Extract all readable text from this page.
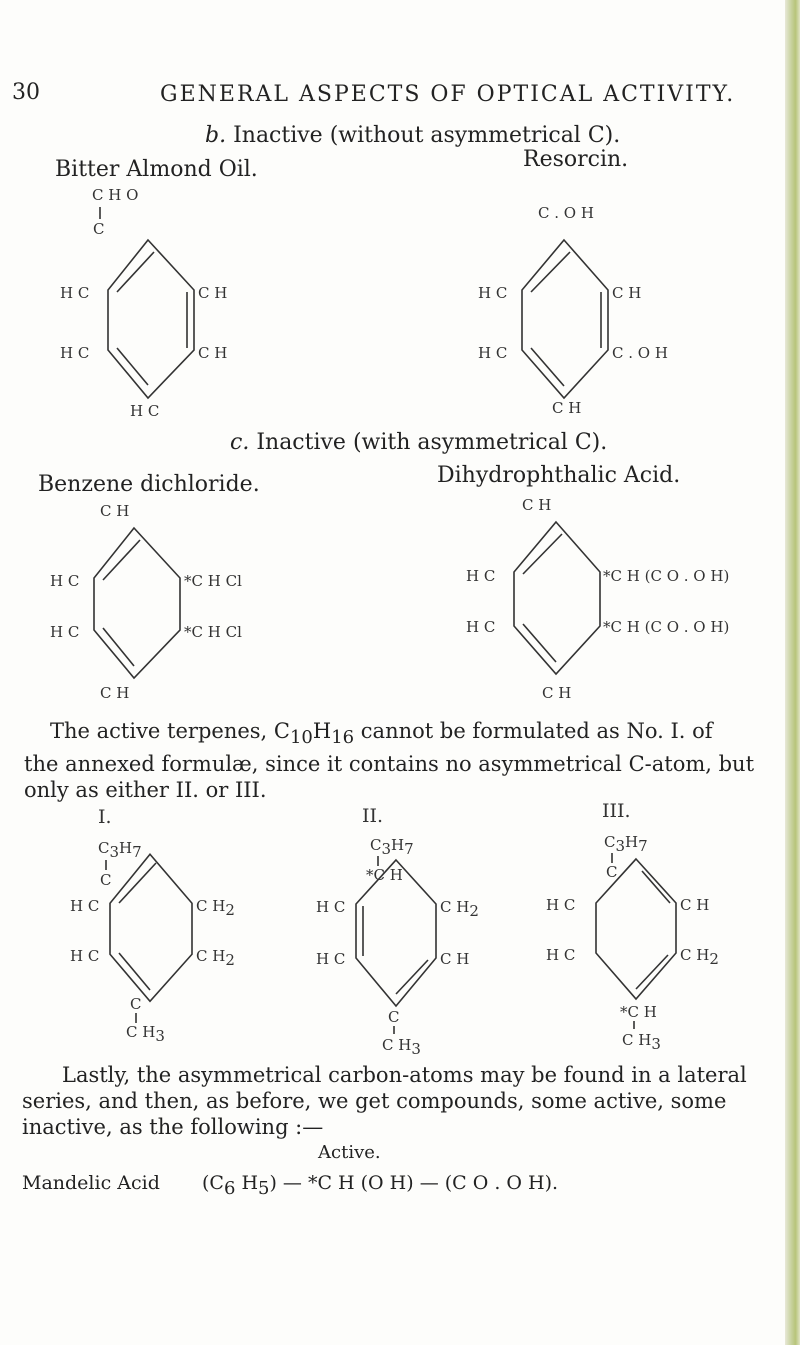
30	GENERAL ASPECTS OF OPTICAL ACTIVITY.
b. Inactive (without asymmetrical C).
Bitter Almond Oil.	Resorcin.
C H O
C
H C
H C
C H
C H
H C
C . O H
H C
H C
C H
C . O H
C H
c. Inactive (with asymmetrical C).
Benzene dichloride.	Dihydrophthalic Acid.
C H
H C
H C
*C H Cl
*C H Cl
C H
C H
H C
H C
*C H (C O . O H)
*C H (C O . O H)
C H
The active terpenes, $C_{10}H_{16}$ cannot be formulated as No. I. of
the annexed formulæ, since it contains no asymmetrical C-atom, but
only as either II. or III.
I.
C3H7
C
H C
H C
C H2
C H2
C
C H3
II.
C3H7
*C H
H C
H C
C H2
C H
C
C H3
III.
C3H7
C
H C
H C
C H
C H2
*C H
C H3
Lastly, the asymmetrical carbon-atoms may be found in a lateral
series, and then, as before, we get compounds, some active, some
inactive, as the following :—
Active.
Mandelic Acid ($C_6$ $H_5$) — *C H (O H) — (C O . O H).
